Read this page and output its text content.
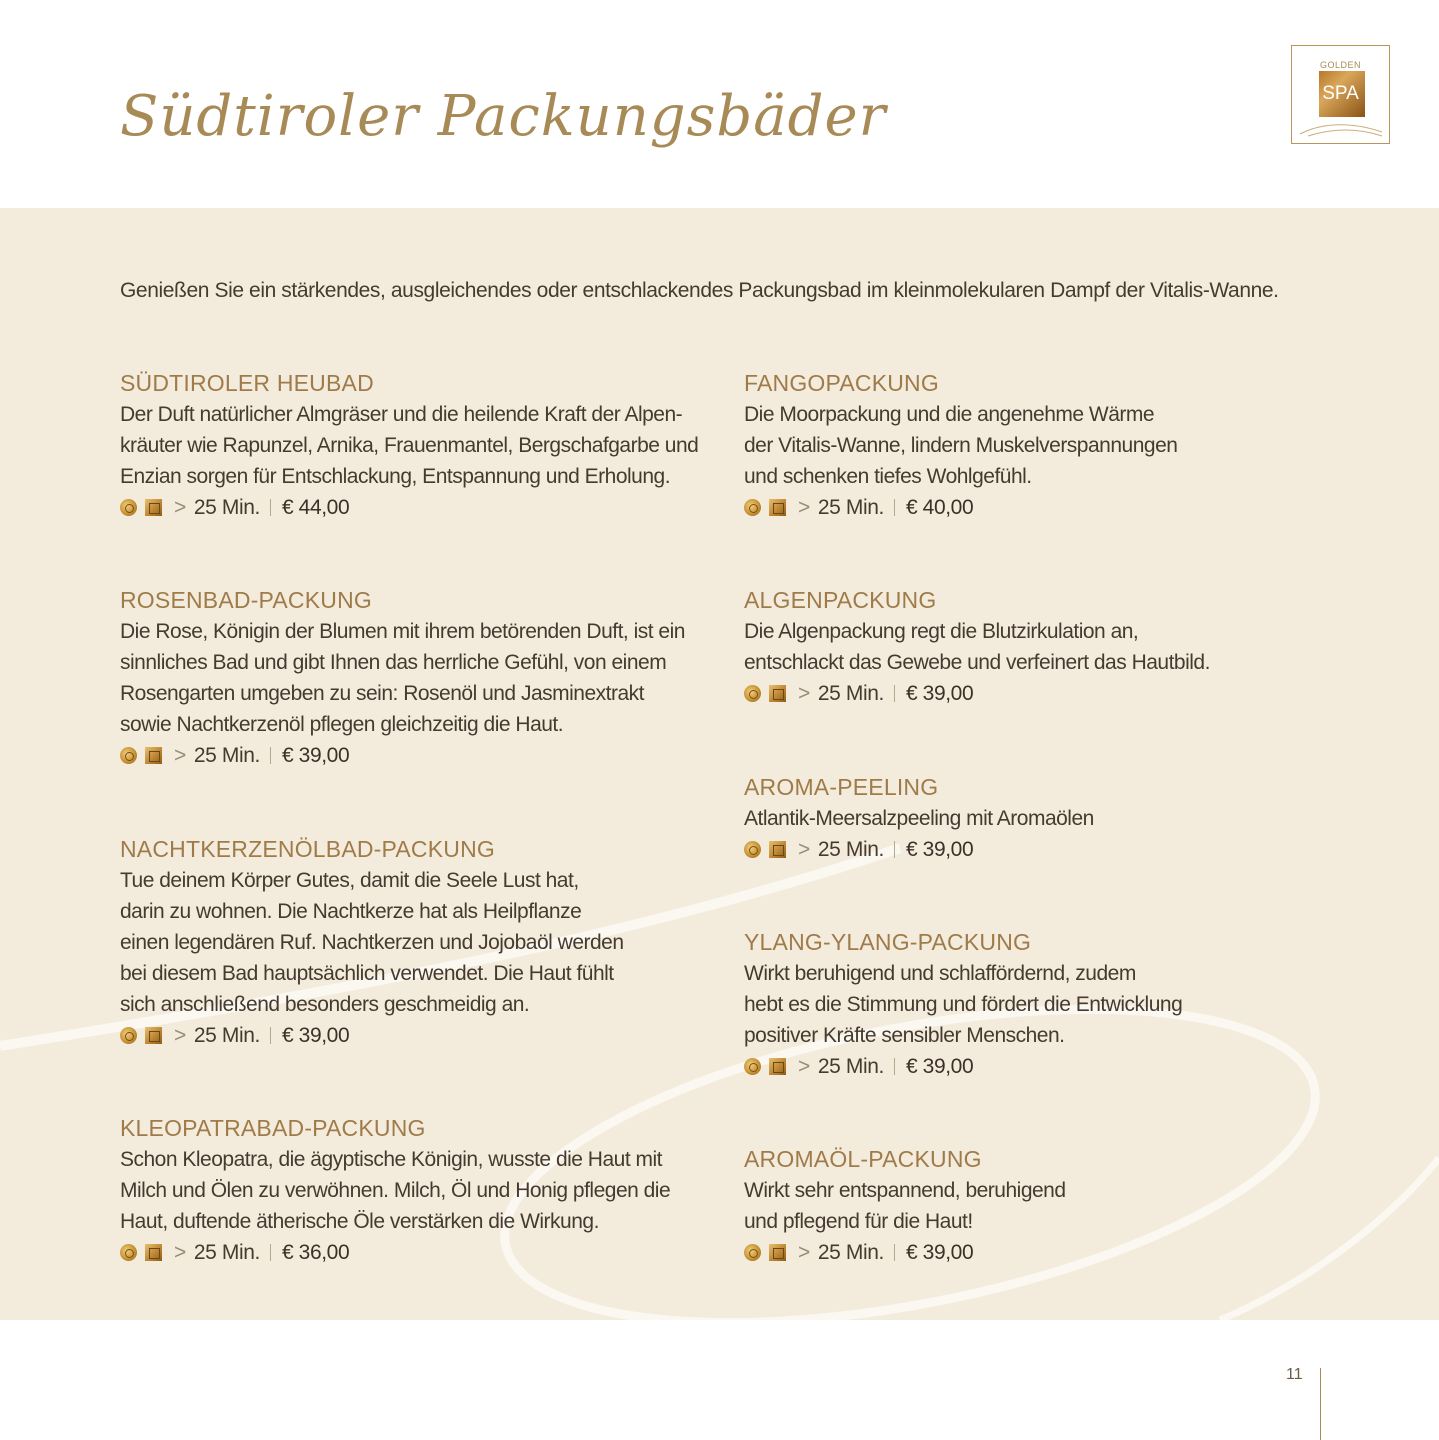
Südtiroler Packungsbäder
GOLDEN
SPA
Genießen Sie ein stärkendes, ausgleichendes oder entschlackendes Packungsbad im kleinmolekularen Dampf der Vitalis-Wanne.
SÜDTIROLER HEUBAD

Der Duft natürlicher Almgräser und die heilende Kraft der Alpen-
kräuter wie Rapunzel, Arnika, Frauenmantel, Bergschafgarbe und
Enzian sorgen für Entschlackung, Entspannung und Erholung.

> 25 Min. € 44,00
ROSENBAD-PACKUNG

Die Rose, Königin der Blumen mit ihrem betörenden Duft, ist ein
sinnliches Bad und gibt Ihnen das herrliche Gefühl, von einem
Rosengarten umgeben zu sein: Rosenöl und Jasminextrakt
sowie Nachtkerzenöl pflegen gleichzeitig die Haut.

> 25 Min. € 39,00
NACHTKERZENÖLBAD-PACKUNG

Tue deinem Körper Gutes, damit die Seele Lust hat,
darin zu wohnen. Die Nachtkerze hat als Heilpflanze
einen legendären Ruf. Nachtkerzen und Jojobaöl werden
bei diesem Bad hauptsächlich verwendet. Die Haut fühlt
sich anschließend besonders geschmeidig an.

> 25 Min. € 39,00
KLEOPATRABAD-PACKUNG

Schon Kleopatra, die ägyptische Königin, wusste die Haut mit
Milch und Ölen zu verwöhnen. Milch, Öl und Honig pflegen die
Haut, duftende ätherische Öle verstärken die Wirkung.

> 25 Min. € 36,00
FANGOPACKUNG

Die Moorpackung und die angenehme Wärme
der Vitalis-Wanne, lindern Muskelverspannungen
und schenken tiefes Wohlgefühl.

> 25 Min. € 40,00
ALGENPACKUNG

Die Algenpackung regt die Blutzirkulation an,
entschlackt das Gewebe und verfeinert das Hautbild.

> 25 Min. € 39,00
AROMA-PEELING

Atlantik-Meersalzpeeling mit Aromaölen

> 25 Min. € 39,00
YLANG-YLANG-PACKUNG

Wirkt beruhigend und schlaffördernd, zudem
hebt es die Stimmung und fördert die Entwicklung
positiver Kräfte sensibler Menschen.

> 25 Min. € 39,00
AROMAÖL-PACKUNG

Wirkt sehr entspannend, beruhigend
und pflegend für die Haut!

> 25 Min. € 39,00
11
